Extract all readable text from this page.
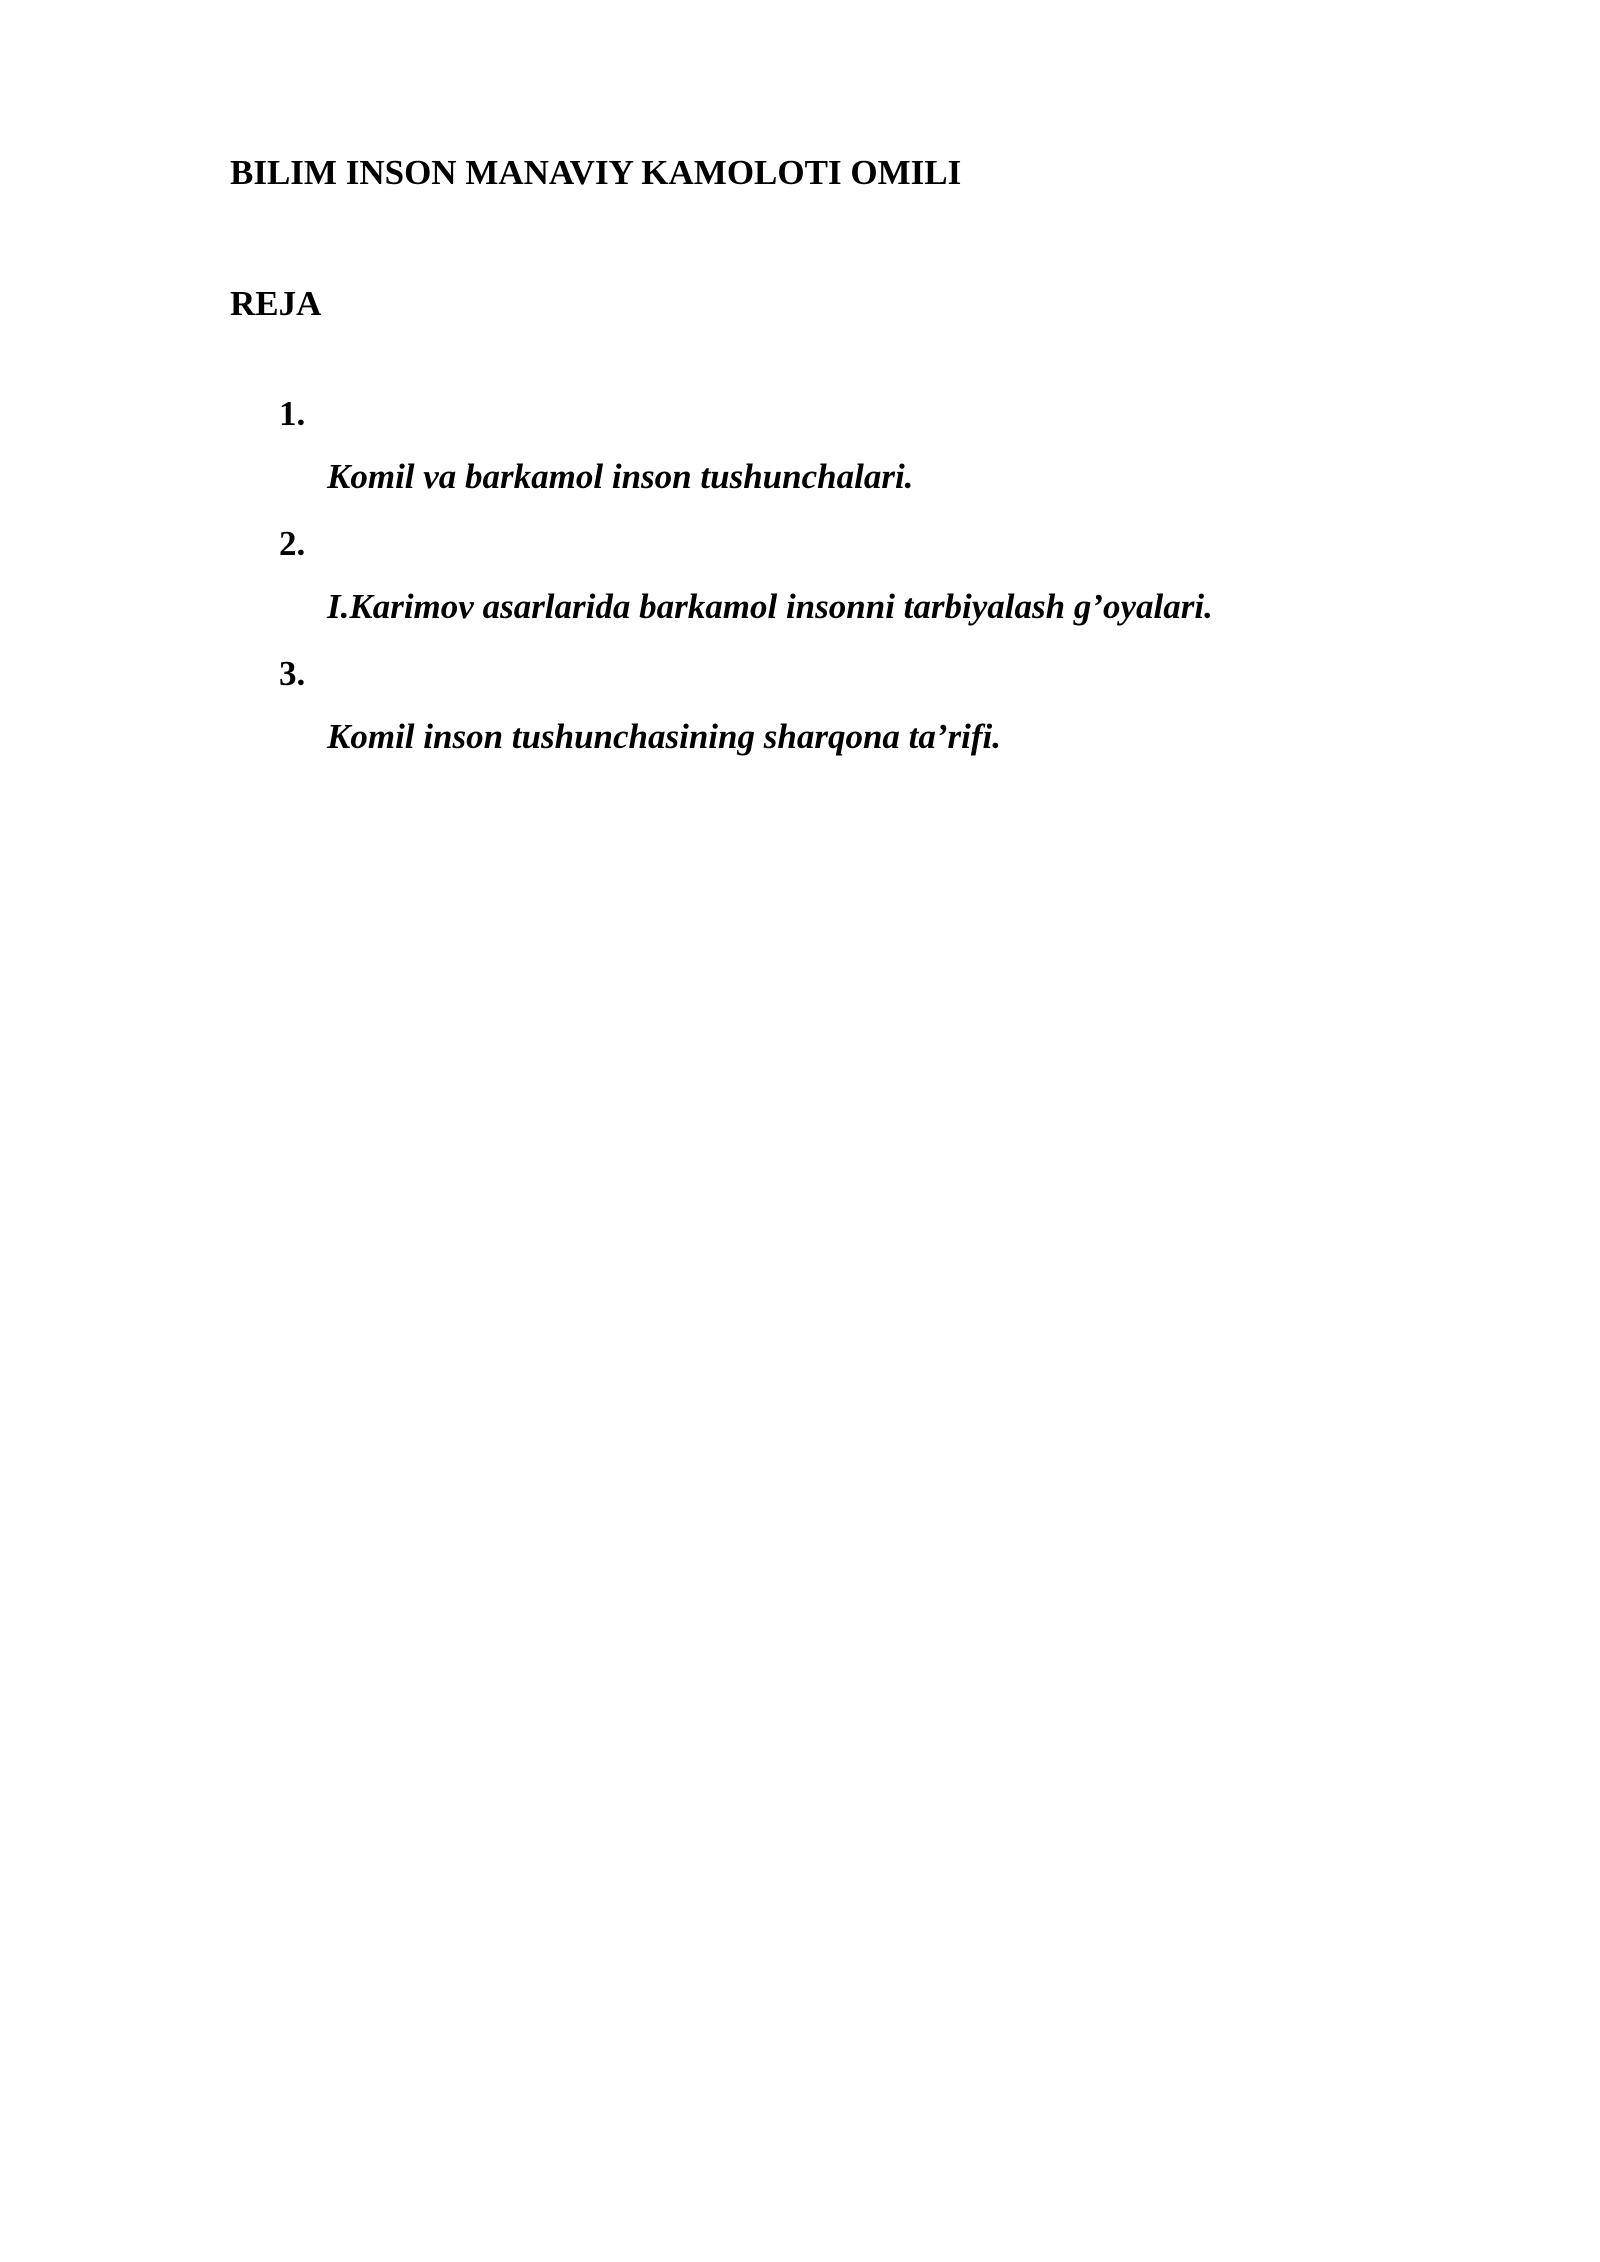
BILIM INSON MANAVIY KAMOLOTI OMILI
REJA
1.
Komil va barkamol inson tushunchalari.
2.
I.Karimov asarlarida barkamol insonni tarbiyalash g’oyalari.
3.
Komil inson tushunchasining sharqona ta’rifi.
